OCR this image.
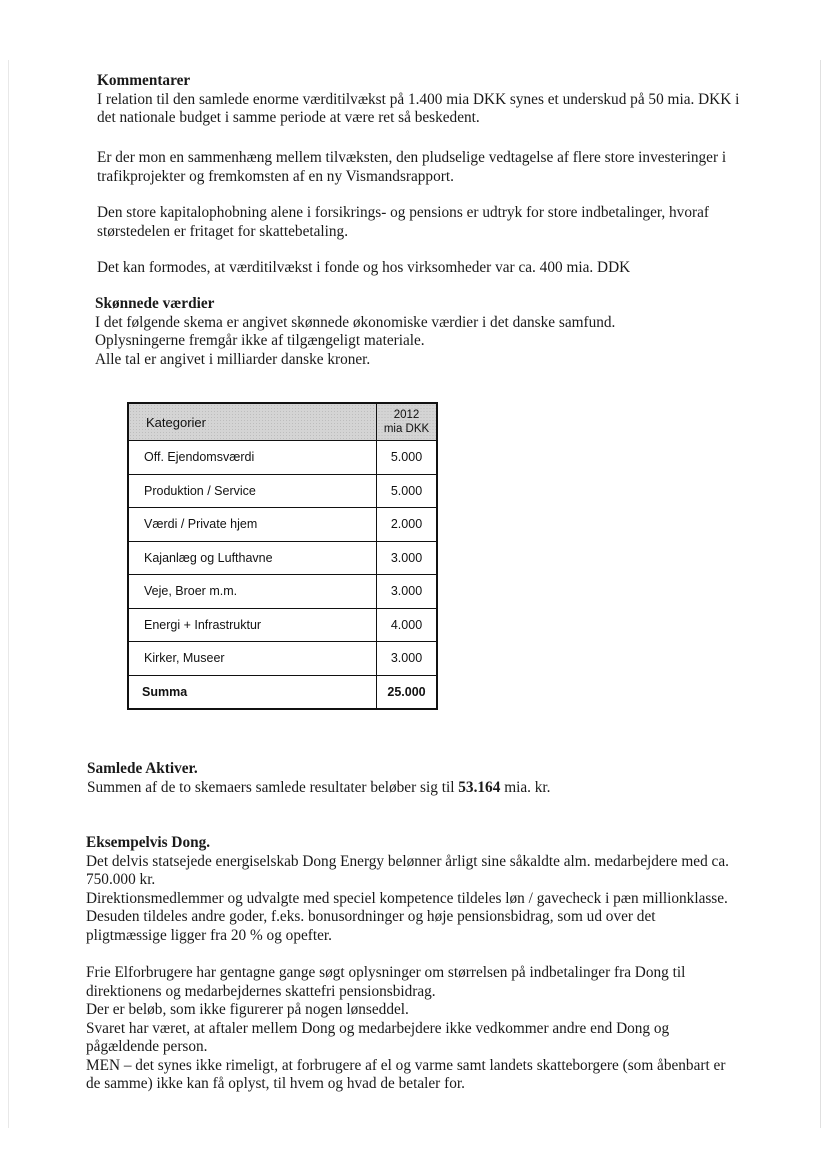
Kommentarer
I relation til den samlede enorme værditilvækst på 1.400 mia DKK synes et underskud på 50 mia. DKK i
det nationale budget i samme periode at være ret så beskedent.
Er der mon en sammenhæng mellem tilvæksten, den pludselige vedtagelse af flere store investeringer i
trafikprojekter og fremkomsten af en ny Vismandsrapport.
Den store kapitalophobning alene i forsikrings- og pensions er udtryk for store indbetalinger, hvoraf
størstedelen er fritaget for skattebetaling.
Det kan formodes, at værditilvækst i fonde og hos virksomheder var ca. 400 mia. DDK
Skønnede værdier
I det følgende skema er angivet skønnede økonomiske værdier i det danske samfund.
Oplysningerne fremgår ikke af tilgængeligt materiale.
Alle tal er angivet i milliarder danske kroner.
Kategorier	2012
mia DKK

Off. Ejendomsværdi	5.000
Produktion / Service	5.000
Værdi / Private hjem	2.000
Kajanlæg og Lufthavne	3.000
Veje, Broer m.m.	3.000
Energi + Infrastruktur	4.000
Kirker, Museer	3.000
Summa	25.000
Samlede Aktiver.
Summen af de to skemaers samlede resultater beløber sig til 53.164 mia. kr.
Eksempelvis Dong.
Det delvis statsejede energiselskab Dong Energy belønner årligt sine såkaldte alm. medarbejdere med ca.
750.000 kr.
Direktionsmedlemmer og udvalgte med speciel kompetence tildeles løn / gavecheck i pæn millionklasse.
Desuden tildeles andre goder, f.eks. bonusordninger og høje pensionsbidrag, som ud over det
pligtmæssige ligger fra 20 % og opefter.
Frie Elforbrugere har gentagne gange søgt oplysninger om størrelsen på indbetalinger fra Dong til
direktionens og medarbejdernes skattefri pensionsbidrag.
Der er beløb, som ikke figurerer på nogen lønseddel.
Svaret har været, at aftaler mellem Dong og medarbejdere ikke vedkommer andre end Dong og
pågældende person.
MEN – det synes ikke rimeligt, at forbrugere af el og varme samt landets skatteborgere (som åbenbart er
de samme) ikke kan få oplyst, til hvem og hvad de betaler for.
